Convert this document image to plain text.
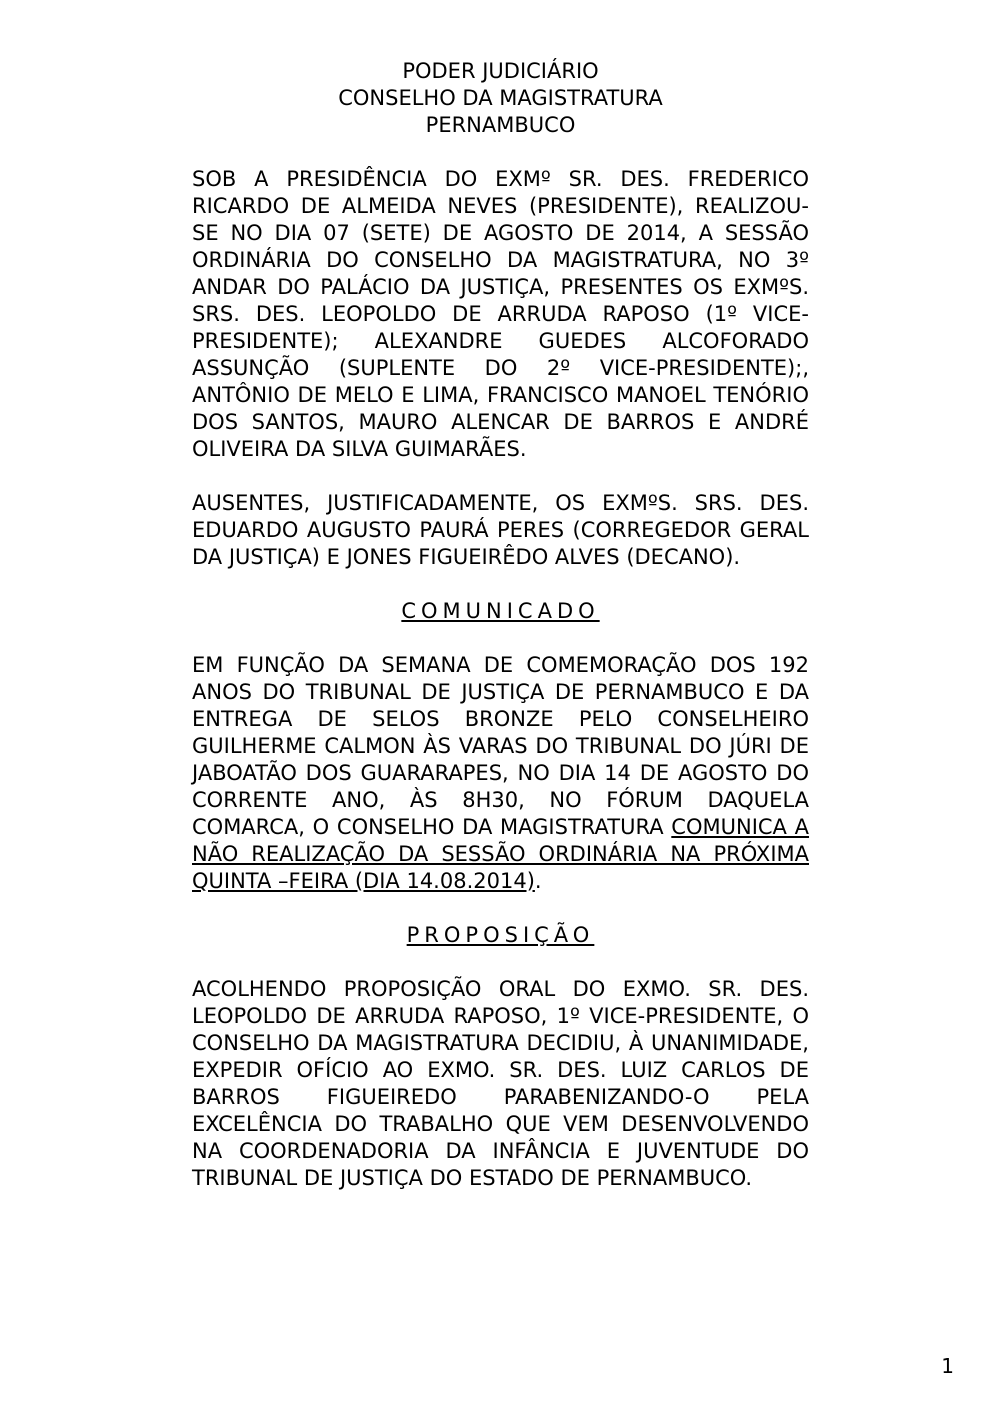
PODER JUDICIÁRIO
CONSELHO DA MAGISTRATURA
PERNAMBUCO

SOB A PRESIDÊNCIA DO EXMº SR. DES. FREDERICO RICARDO DE ALMEIDA NEVES (PRESIDENTE), REALIZOU-SE NO DIA 07 (SETE) DE AGOSTO DE 2014, A SESSÃO ORDINÁRIA DO CONSELHO DA MAGISTRATURA, NO 3º ANDAR DO PALÁCIO DA JUSTIÇA, PRESENTES OS EXMºS. SRS. DES. LEOPOLDO DE ARRUDA RAPOSO (1º VICE-PRESIDENTE); ALEXANDRE GUEDES ALCOFORADO ASSUNÇÃO (SUPLENTE DO 2º VICE-PRESIDENTE);, ANTÔNIO DE MELO E LIMA, FRANCISCO MANOEL TENÓRIO DOS SANTOS, MAURO ALENCAR DE BARROS E ANDRÉ OLIVEIRA DA SILVA GUIMARÃES.

AUSENTES, JUSTIFICADAMENTE, OS EXMºS. SRS. DES. EDUARDO AUGUSTO PAURÁ PERES (CORREGEDOR GERAL DA JUSTIÇA) E JONES FIGUEIRÊDO ALVES (DECANO).

COMUNICADO

EM FUNÇÃO DA SEMANA DE COMEMORAÇÃO DOS 192 ANOS DO TRIBUNAL DE JUSTIÇA DE PERNAMBUCO E DA ENTREGA DE SELOS BRONZE PELO CONSELHEIRO GUILHERME CALMON ÀS VARAS DO TRIBUNAL DO JÚRI DE JABOATÃO DOS GUARARAPES, NO DIA 14 DE AGOSTO DO CORRENTE ANO, ÀS 8H30, NO FÓRUM DAQUELA COMARCA, O CONSELHO DA MAGISTRATURA COMUNICA A NÃO REALIZAÇÃO DA SESSÃO ORDINÁRIA NA PRÓXIMA QUINTA –FEIRA (DIA 14.08.2014).

PROPOSIÇÃO

ACOLHENDO PROPOSIÇÃO ORAL DO EXMO. SR. DES. LEOPOLDO DE ARRUDA RAPOSO, 1º VICE-PRESIDENTE, O CONSELHO DA MAGISTRATURA DECIDIU, À UNANIMIDADE, EXPEDIR OFÍCIO AO EXMO. SR. DES. LUIZ CARLOS DE BARROS FIGUEIREDO PARABENIZANDO-O PELA EXCELÊNCIA DO TRABALHO QUE VEM DESENVOLVENDO NA COORDENADORIA DA INFÂNCIA E JUVENTUDE DO TRIBUNAL DE JUSTIÇA DO ESTADO DE PERNAMBUCO.

1
